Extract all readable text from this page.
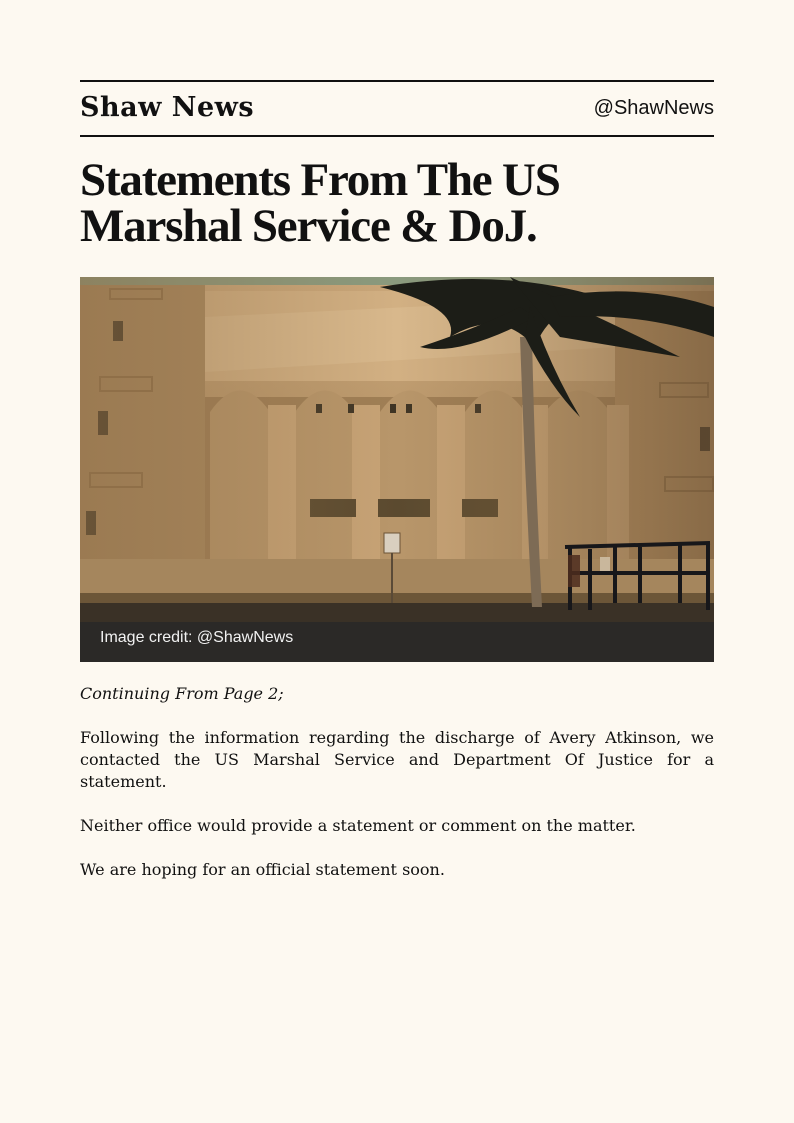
Shaw News	@ShawNews
Statements From The US
Marshal Service & DoJ.
Image credit: @ShawNews

Continuing From Page 2;

Following the information regarding the discharge of Avery Atkinson, we contacted the US Marshal Service and Department Of Justice for a statement.

Neither office would provide a statement or comment on the matter.

We are hoping for an official statement soon.
